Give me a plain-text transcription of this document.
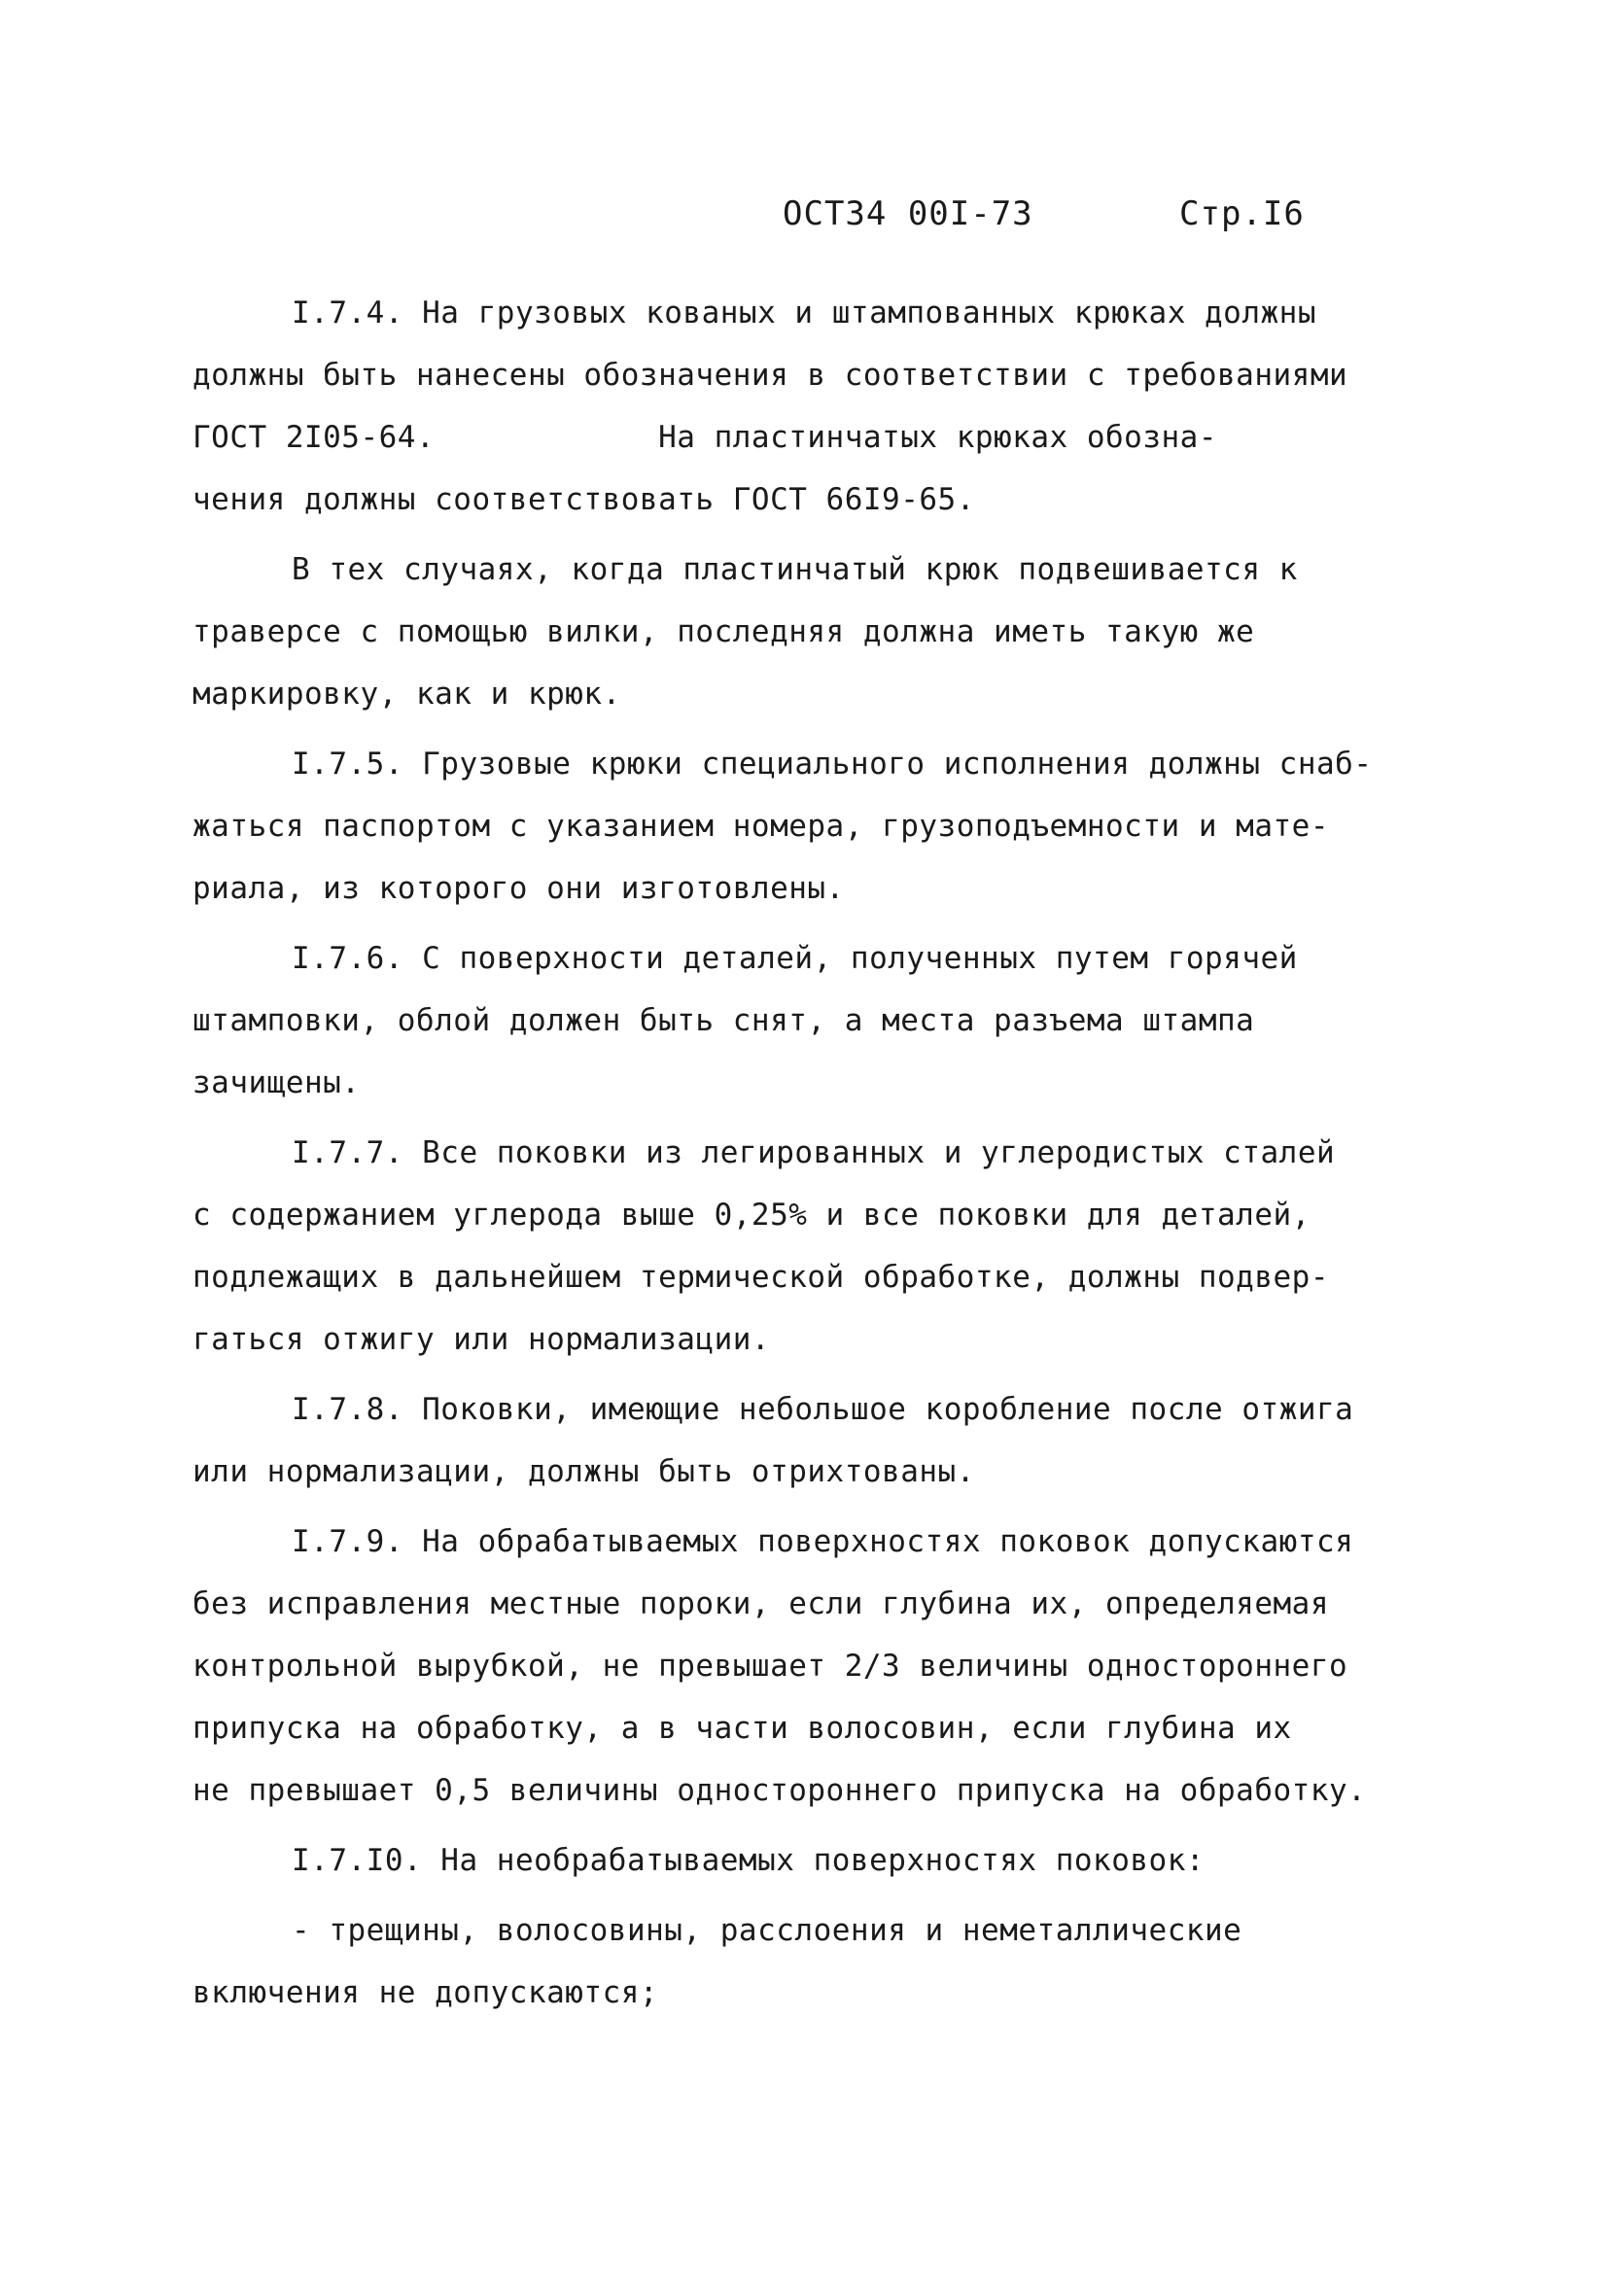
ОСТ34 00I-73	Стр.I6
I.7.4. На грузовых кованых и штампованных крюках должны
должны быть нанесены обозначения в соответствии с требованиями
ГОСТ 2I05-64.            На пластинчатых крюках обозна-
чения должны соответствовать ГОСТ 66I9-65.
В тех случаях, когда пластинчатый крюк подвешивается к
траверсе с помощью вилки, последняя должна иметь такую же
маркировку, как и крюк.
I.7.5. Грузовые крюки специального исполнения должны снаб-
жаться паспортом с указанием номера, грузоподъемности и мате-
риала, из которого они изготовлены.
I.7.6. С поверхности деталей, полученных путем горячей
штамповки, облой должен быть снят, а места разъема штампа
зачищены.
I.7.7. Все поковки из легированных и углеродистых сталей
с содержанием углерода выше 0,25% и все поковки для деталей,
подлежащих в дальнейшем термической обработке, должны подвер-
гаться отжигу или нормализации.
I.7.8. Поковки, имеющие небольшое коробление после отжига
или нормализации, должны быть отрихтованы.
I.7.9. На обрабатываемых поверхностях поковок допускаются
без исправления местные пороки, если глубина их, определяемая
контрольной вырубкой, не превышает 2/3 величины одностороннего
припуска на обработку, а в части волосовин, если глубина их
не превышает 0,5 величины одностороннего припуска на обработку.
I.7.I0. На необрабатываемых поверхностях поковок:
- трещины, волосовины, расслоения и неметаллические
включения не допускаются;
